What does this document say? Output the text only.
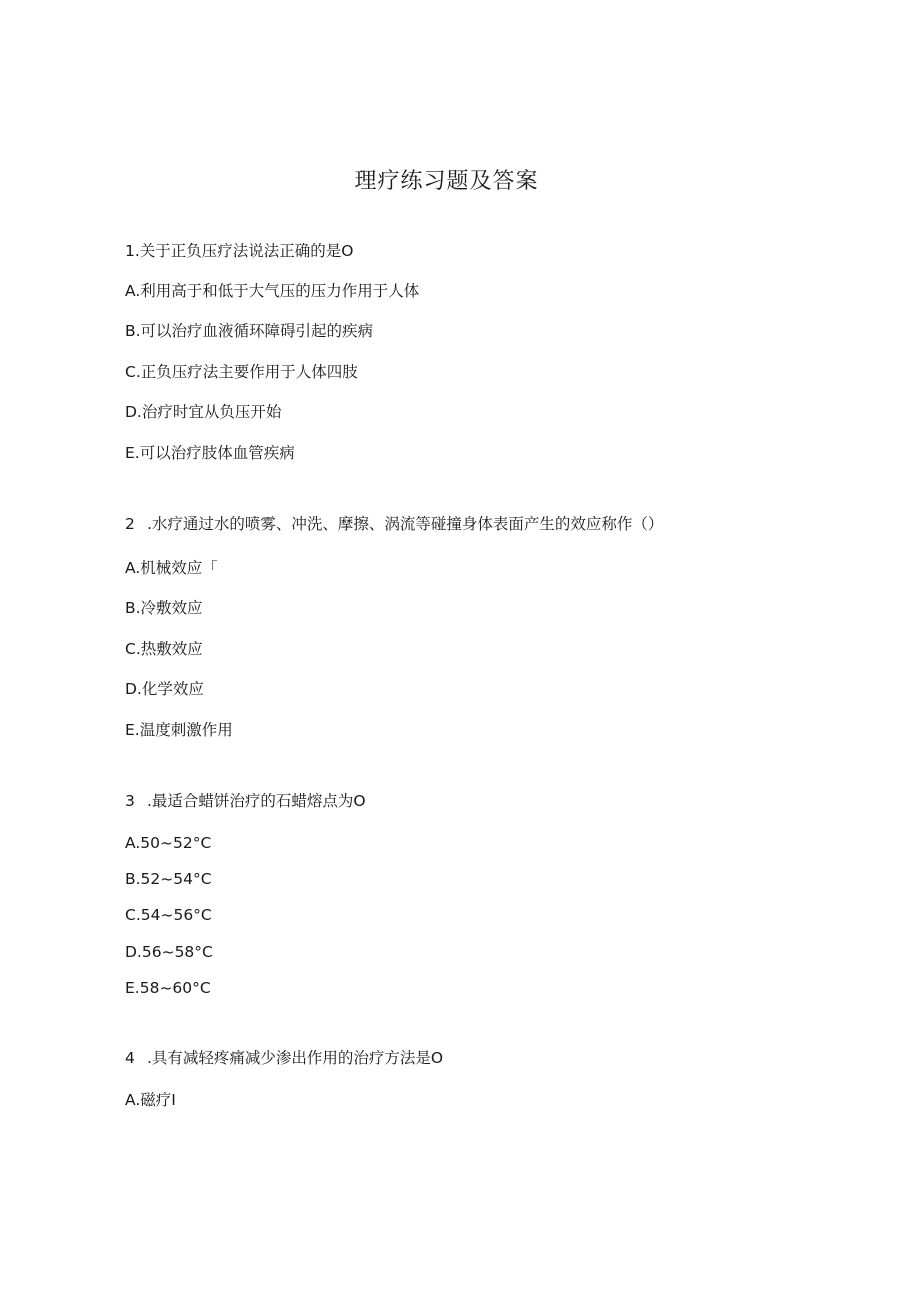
理疗练习题及答案
1.关于正负压疗法说法正确的是O
A.利用高于和低于大气压的压力作用于人体
B.可以治疗血液循环障碍引起的疾病
C.正负压疗法主要作用于人体四肢
D.治疗时宜从负压开始
E.可以治疗肢体血管疾病
2 .水疗通过水的喷雾、冲洗、摩擦、涡流等碰撞身体表面产生的效应称作（）
A.机械效应「
B.冷敷效应
C.热敷效应
D.化学效应
E.温度刺激作用
3 .最适合蜡饼治疗的石蜡熔点为O
A.50~52°C
B.52~54°C
C.54~56°C
D.56~58°C
E.58~60°C
4 .具有减轻疼痛减少渗出作用的治疗方法是O
A.磁疗I
